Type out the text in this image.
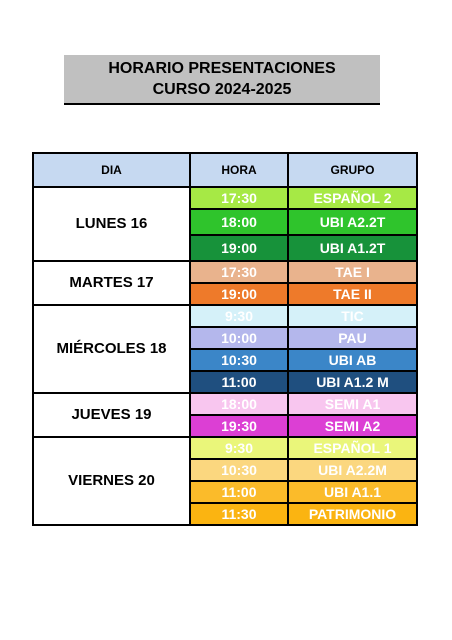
HORARIO PRESENTACIONES
CURSO 2024-2025
DIA	HORA	GRUPO
LUNES 16	17:30	ESPAÑOL 2
	18:00	UBI A2.2T
	19:00	UBI A1.2T
MARTES 17	17:30	TAE I
	19:00	TAE II
MIÉRCOLES 18	9:30	TIC
	10:00	PAU
	10:30	UBI AB
	11:00	UBI A1.2 M
JUEVES 19	18:00	SEMI A1
	19:30	SEMI A2
VIERNES 20	9:30	ESPAÑOL 1
	10:30	UBI A2.2M
	11:00	UBI A1.1
	11:30	PATRIMONIO
